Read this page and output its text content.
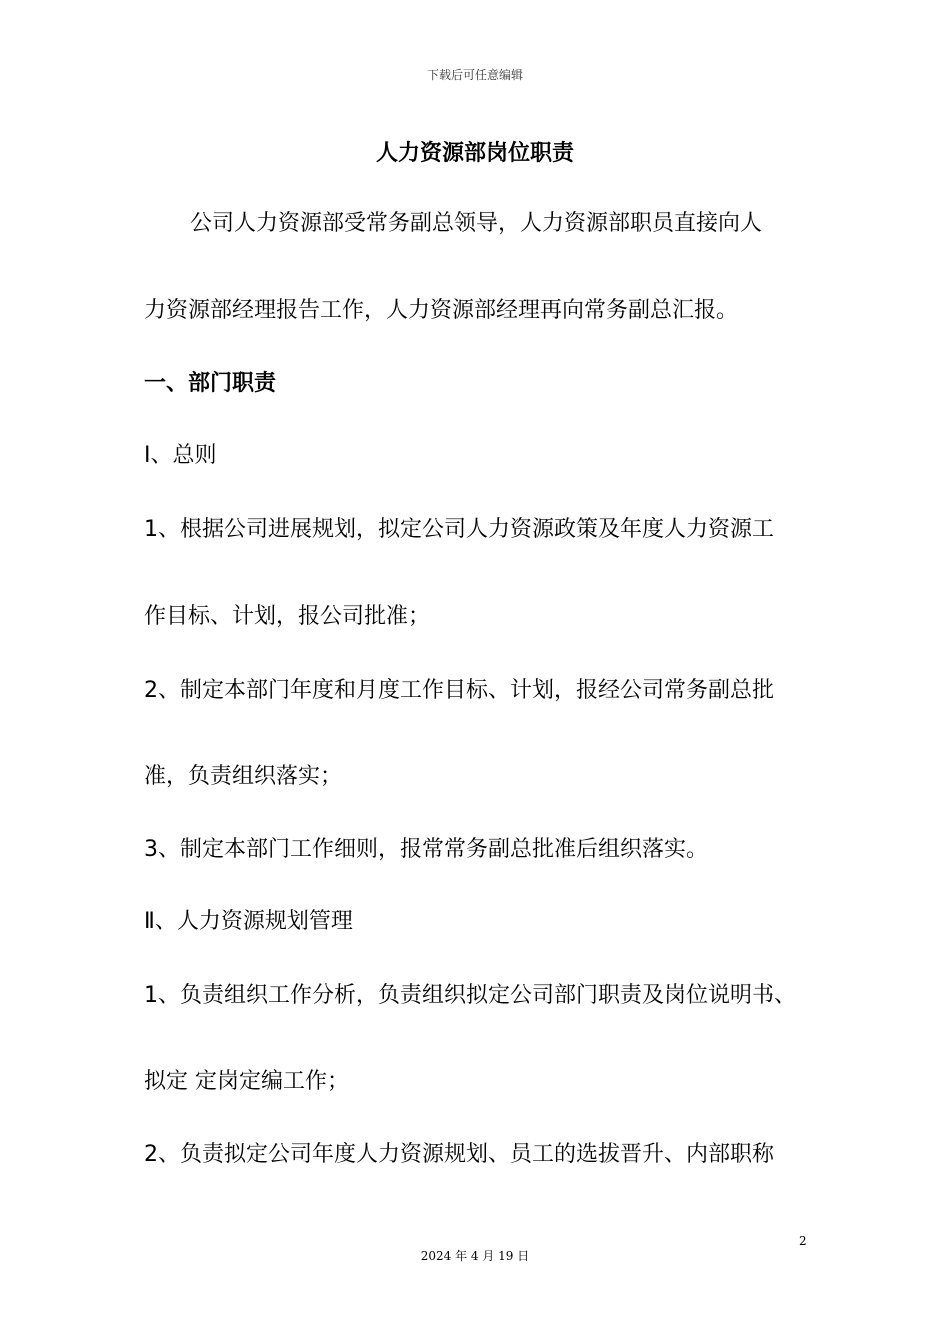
下载后可任意编辑
人力资源部岗位职责

公司人力资源部受常务副总领导，人力资源部职员直接向人

力资源部经理报告工作，人力资源部经理再向常务副总汇报。

一、部门职责

Ⅰ、总则

1、根据公司进展规划，拟定公司人力资源政策及年度人力资源工

作目标、计划，报公司批准；

2、制定本部门年度和月度工作目标、计划，报经公司常务副总批

准，负责组织落实；

3、制定本部门工作细则，报常常务副总批准后组织落实。

Ⅱ、人力资源规划管理

1、负责组织工作分析，负责组织拟定公司部门职责及岗位说明书、

拟定 定岗定编工作；

2、负责拟定公司年度人力资源规划、员工的选拔晋升、内部职称

2
2024 年 4 月 19 日
